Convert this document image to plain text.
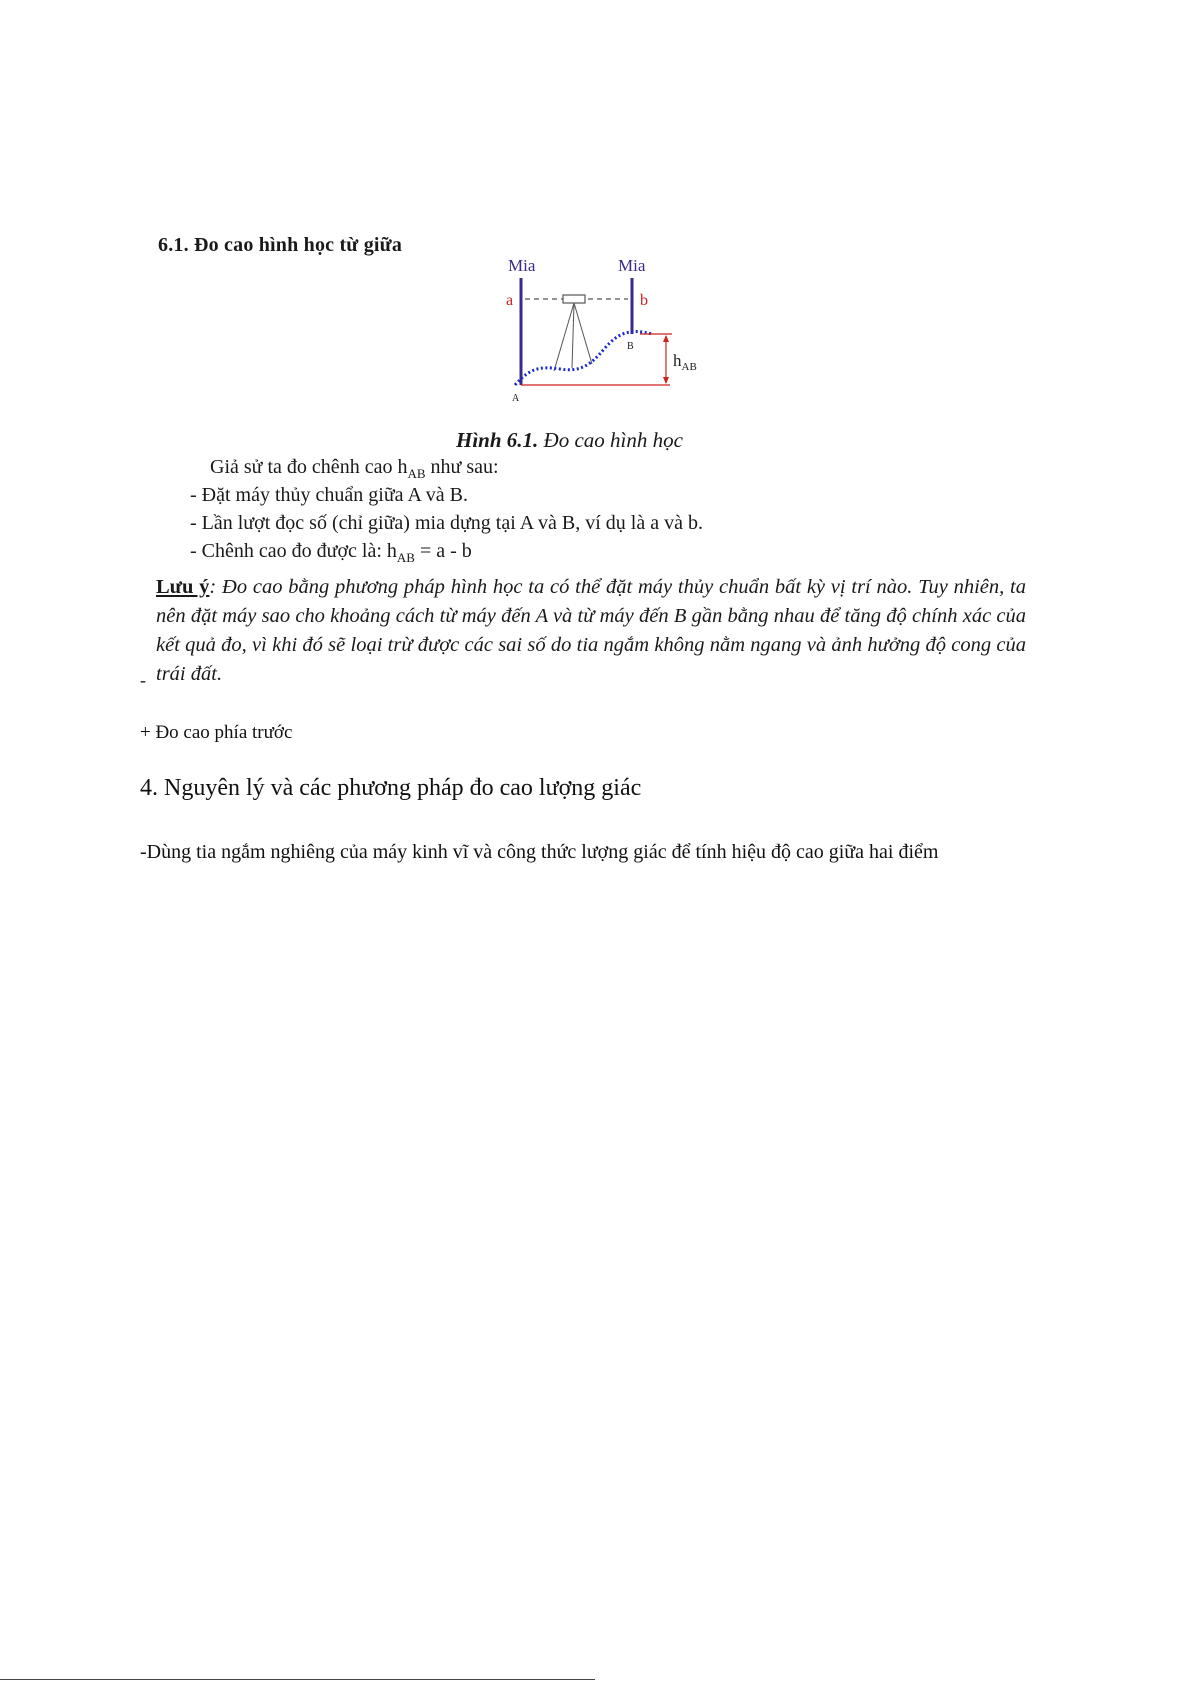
6.1. Đo cao hình học từ giữa
Mia	Mia
a	b
A
B
$h_{AB}$
Hình 6.1. Đo cao hình học
Giả sử ta đo chênh cao $h_{AB}$ như sau:
- Đặt máy thủy chuẩn giữa A và B.
- Lần lượt đọc số (chỉ giữa) mia dựng tại A và B, ví dụ là a và b.
- Chênh cao đo được là: $h_{AB} = a - b$
Lưu ý: Đo cao bằng phương pháp hình học ta có thể đặt máy thủy chuẩn bất kỳ vị trí nào. Tuy nhiên, ta nên đặt máy sao cho khoảng cách từ máy đến A và từ máy đến B gần bằng nhau để tăng độ chính xác của kết quả đo, vì khi đó sẽ loại trừ được các sai số do tia ngắm không nằm ngang và ảnh hưởng độ cong của trái đất.
-
+ Đo cao phía trước
4. Nguyên lý và các phương pháp đo cao lượng giác
-Dùng tia ngắm nghiêng của máy kinh vĩ và công thức lượng giác để tính hiệu độ cao giữa hai điểm
